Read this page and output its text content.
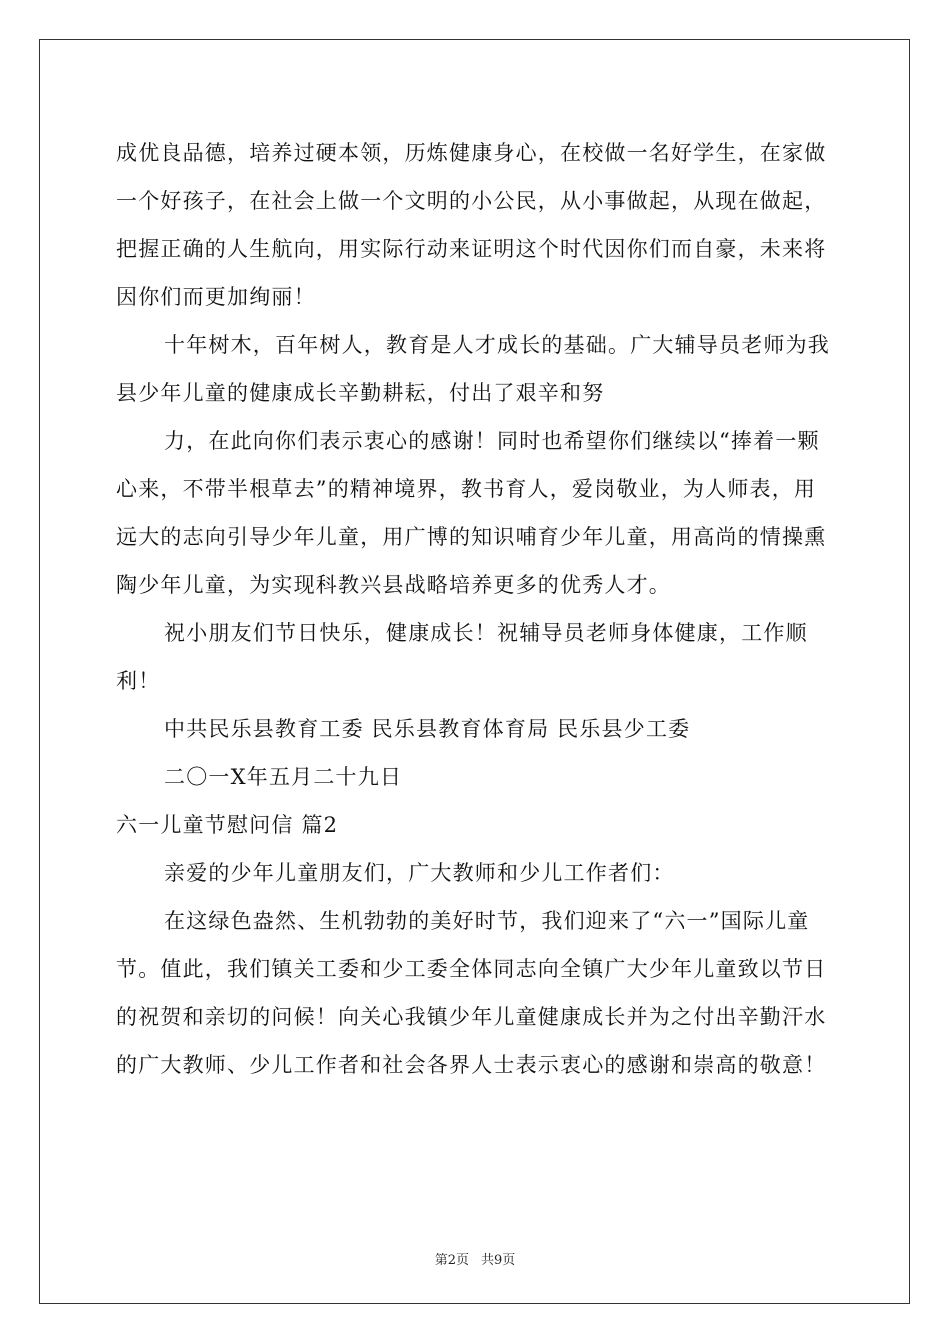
成优良品德，培养过硬本领，历炼健康身心，在校做一名好学生，在家做一个好孩子，在社会上做一个文明的小公民，从小事做起，从现在做起，把握正确的人生航向，用实际行动来证明这个时代因你们而自豪，未来将因你们而更加绚丽！

十年树木，百年树人，教育是人才成长的基础。广大辅导员老师为我县少年儿童的健康成长辛勤耕耘，付出了艰辛和努

力，在此向你们表示衷心的感谢！同时也希望你们继续以“捧着一颗心来，不带半根草去”的精神境界，教书育人，爱岗敬业，为人师表，用远大的志向引导少年儿童，用广博的知识哺育少年儿童，用高尚的情操熏陶少年儿童，为实现科教兴县战略培养更多的优秀人才。

祝小朋友们节日快乐，健康成长！祝辅导员老师身体健康，工作顺利！

中共民乐县教育工委 民乐县教育体育局 民乐县少工委

二〇一X年五月二十九日

六一儿童节慰问信 篇2

亲爱的少年儿童朋友们，广大教师和少儿工作者们：

在这绿色盎然、生机勃勃的美好时节，我们迎来了“六一”国际儿童节。值此，我们镇关工委和少工委全体同志向全镇广大少年儿童致以节日的祝贺和亲切的问候！向关心我镇少年儿童健康成长并为之付出辛勤汗水的广大教师、少儿工作者和社会各界人士表示衷心的感谢和崇高的敬意！

第2页 共9页
